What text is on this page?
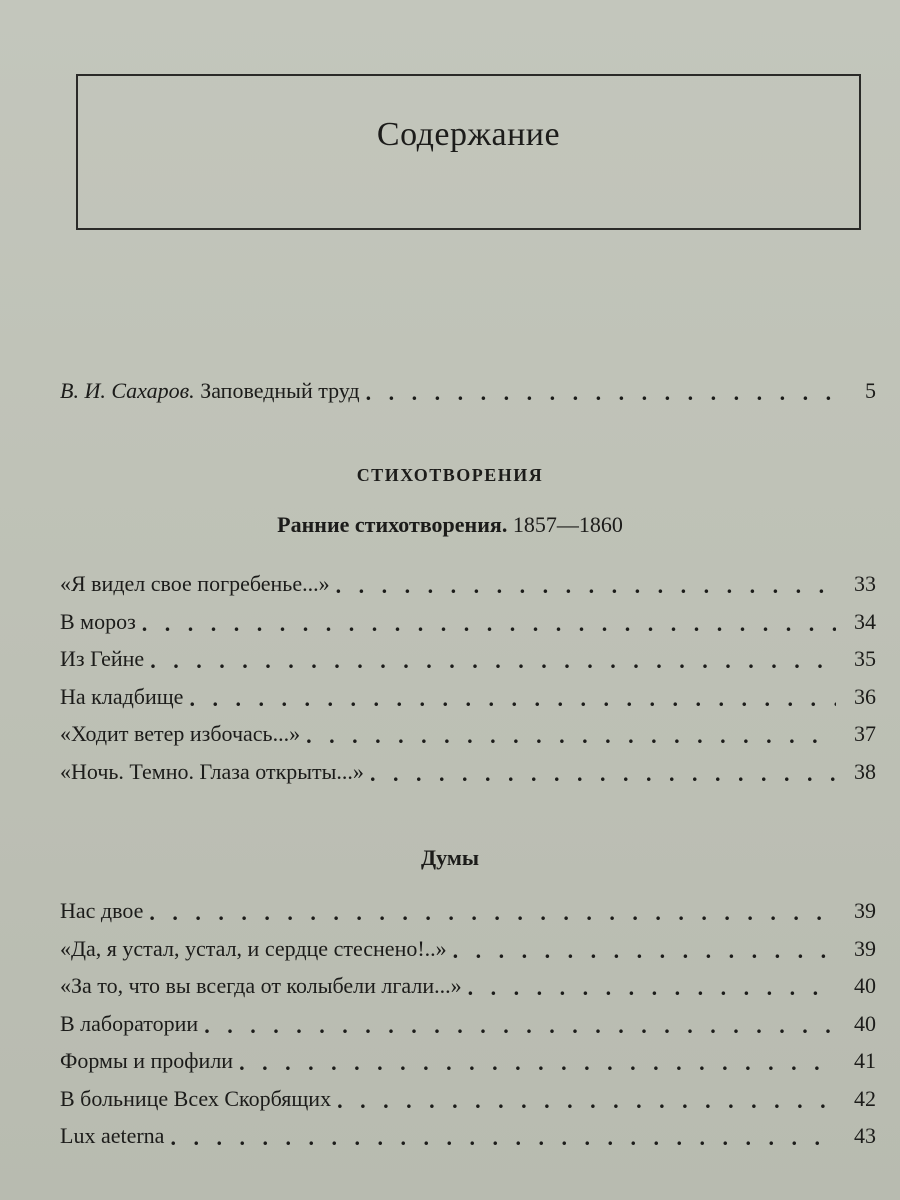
Содержание
В. И. Сахаров. Заповедный труд . . .	5
СТИХОТВОРЕНИЯ
Ранние стихотворения. 1857—1860
«Я видел свое погребенье...» . . .	33
В мороз . . .	34
Из Гейне . . .	35
На кладбище . . .	36
«Ходит ветер избочась...» . . .	37
«Ночь. Темно. Глаза открыты...» . . .	38
Думы
Нас двое . . .	39
«Да, я устал, устал, и сердце стеснено!..» . . .	39
«За то, что вы всегда от колыбели лгали...» . . .	40
В лаборатории . . .	40
Формы и профили . . .	41
В больнице Всех Скорбящих . . .	42
Lux aeterna . . .	43
